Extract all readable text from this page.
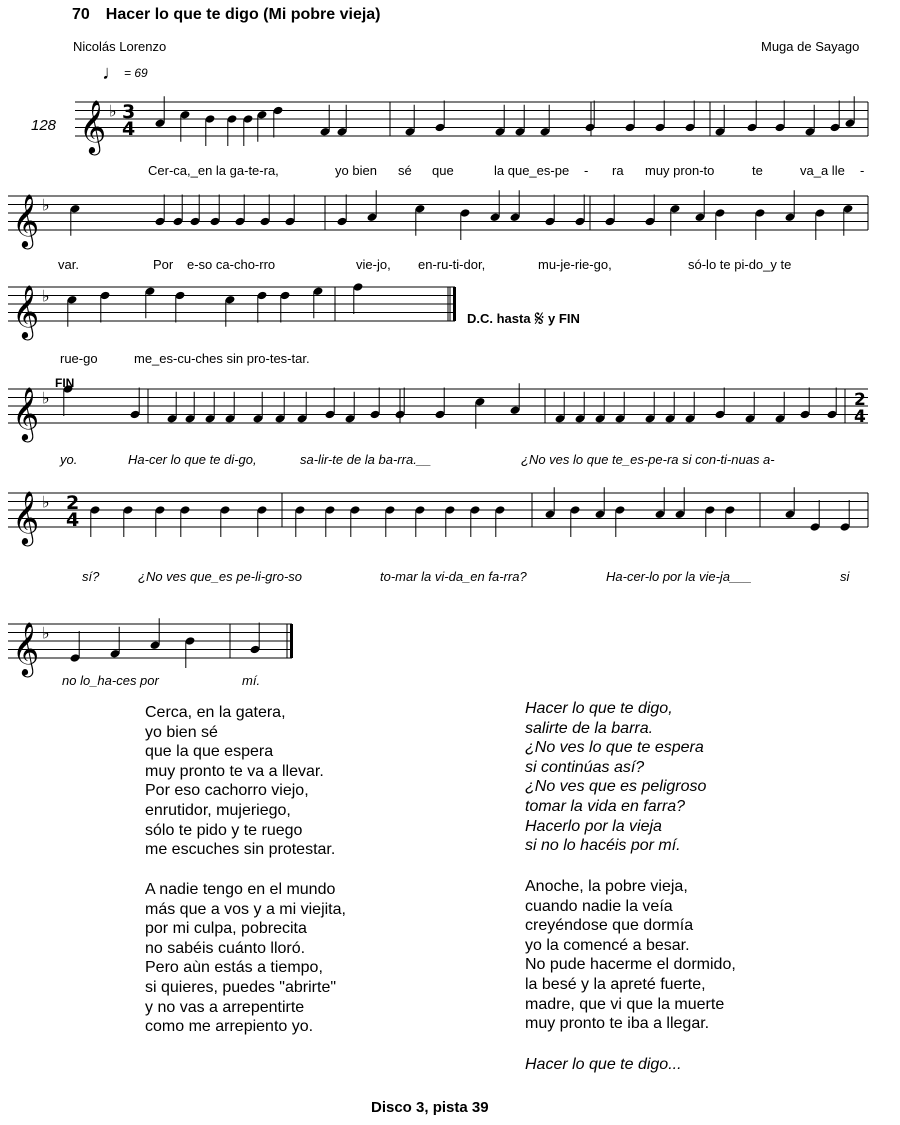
70 Hacer lo que te digo (Mi pobre vieja)
Nicolás Lorenzo	Muga de Sayago
♩ = 69
128 𝄞 ♭ 3
4
𝄞 ♭
𝄞 ♭
𝄞 ♭	2
4
𝄞 ♭ 2
4
𝄞 ♭
D.C. hasta 𝄋 y FIN
FIN
Cer-ca,_en la ga-te-ra,	yo bien sé que	la que_es-pe - ra muy pron-to	te	va_a lle -
var.	Por e-so ca-cho-rro	vie-jo, en-ru-ti-dor,	mu-je-rie-go,	só-lo te pi-do_y te
rue-go	me_es-cu-ches sin pro-tes-tar.
yo.	Ha-cer lo que te di-go,	sa-lir-te de la ba-rra.__	¿No ves lo que te_es-pe-ra si con-ti-nuas a-
sí?	¿No ves que_es pe-li-gro-so	to-mar la vi-da_en fa-rra?	Ha-cer-lo por la vie-ja___	si
no lo_ha-ces por	mí.
Cerca, en la gatera,
yo bien sé
que la que espera
muy pronto te va a llevar.
Por eso cachorro viejo,
enrutidor, mujeriego,
sólo te pido y te ruego
me escuches sin protestar.
A nadie tengo en el mundo
más que a vos y a mi viejita,
por mi culpa, pobrecita
no sabéis cuánto lloró.
Pero aùn estás a tiempo,
si quieres, puedes "abrirte"
y no vas a arrepentirte
como me arrepiento yo.
Hacer lo que te digo,
salirte de la barra.
¿No ves lo que te espera
si continúas así?
¿No ves que es peligroso
tomar la vida en farra?
Hacerlo por la vieja
si no lo hacéis por mí.
Anoche, la pobre vieja,
cuando nadie la veía
creyéndose que dormía
yo la comencé a besar.
No pude hacerme el dormido,
la besé y la apreté fuerte,
madre, que vi que la muerte
muy pronto te iba a llegar.
Hacer lo que te digo...
Disco 3, pista 39
